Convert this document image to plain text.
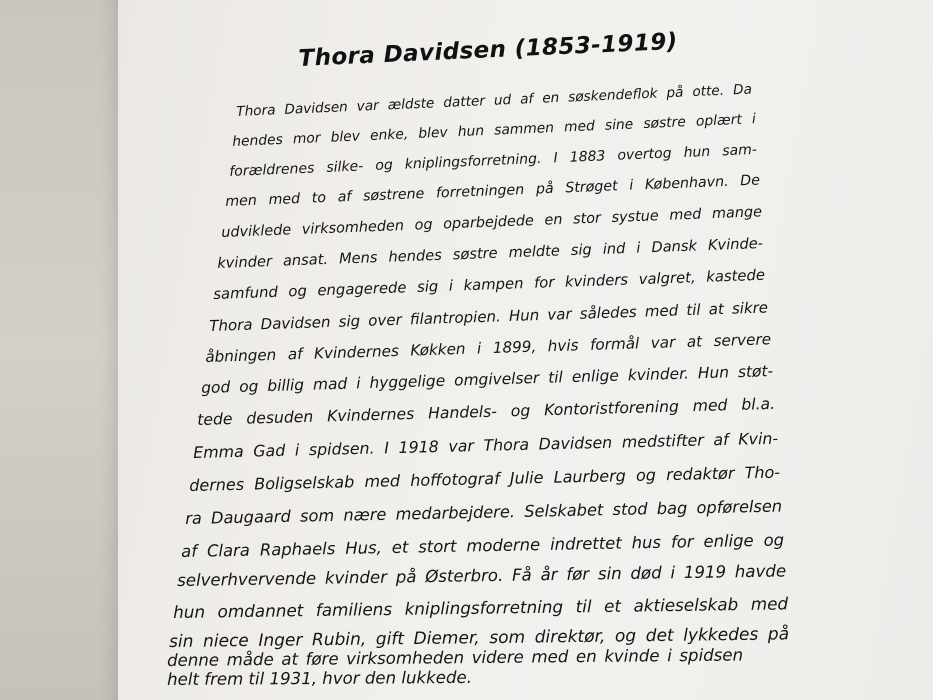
Thora Davidsen (1853-1919)
Thora Davidsen var ældste datter ud af en søskendeflok på otte. Da
hendes mor blev enke, blev hun sammen med sine søstre oplært i
forældrenes silke- og kniplingsforretning. I 1883 overtog hun sam-
men med to af søstrene forretningen på Strøget i København. De
udviklede virksomheden og oparbejdede en stor systue med mange
kvinder ansat. Mens hendes søstre meldte sig ind i Dansk Kvinde-
samfund og engagerede sig i kampen for kvinders valgret, kastede
Thora Davidsen sig over filantropien. Hun var således med til at sikre
åbningen af Kvindernes Køkken i 1899, hvis formål var at servere
god og billig mad i hyggelige omgivelser til enlige kvinder. Hun støt-
tede desuden Kvindernes Handels- og Kontoristforening med bl.a.
Emma Gad i spidsen. I 1918 var Thora Davidsen medstifter af Kvin-
dernes Boligselskab med hoffotograf Julie Laurberg og redaktør Tho-
ra Daugaard som nære medarbejdere. Selskabet stod bag opførelsen
af Clara Raphaels Hus, et stort moderne indrettet hus for enlige og
selverhvervende kvinder på Østerbro. Få år før sin død i 1919 havde
hun omdannet familiens kniplingsforretning til et aktieselskab med
sin niece Inger Rubin, gift Diemer, som direktør, og det lykkedes på
denne måde at føre virksomheden videre med en kvinde i spidsen
helt frem til 1931, hvor den lukkede.
